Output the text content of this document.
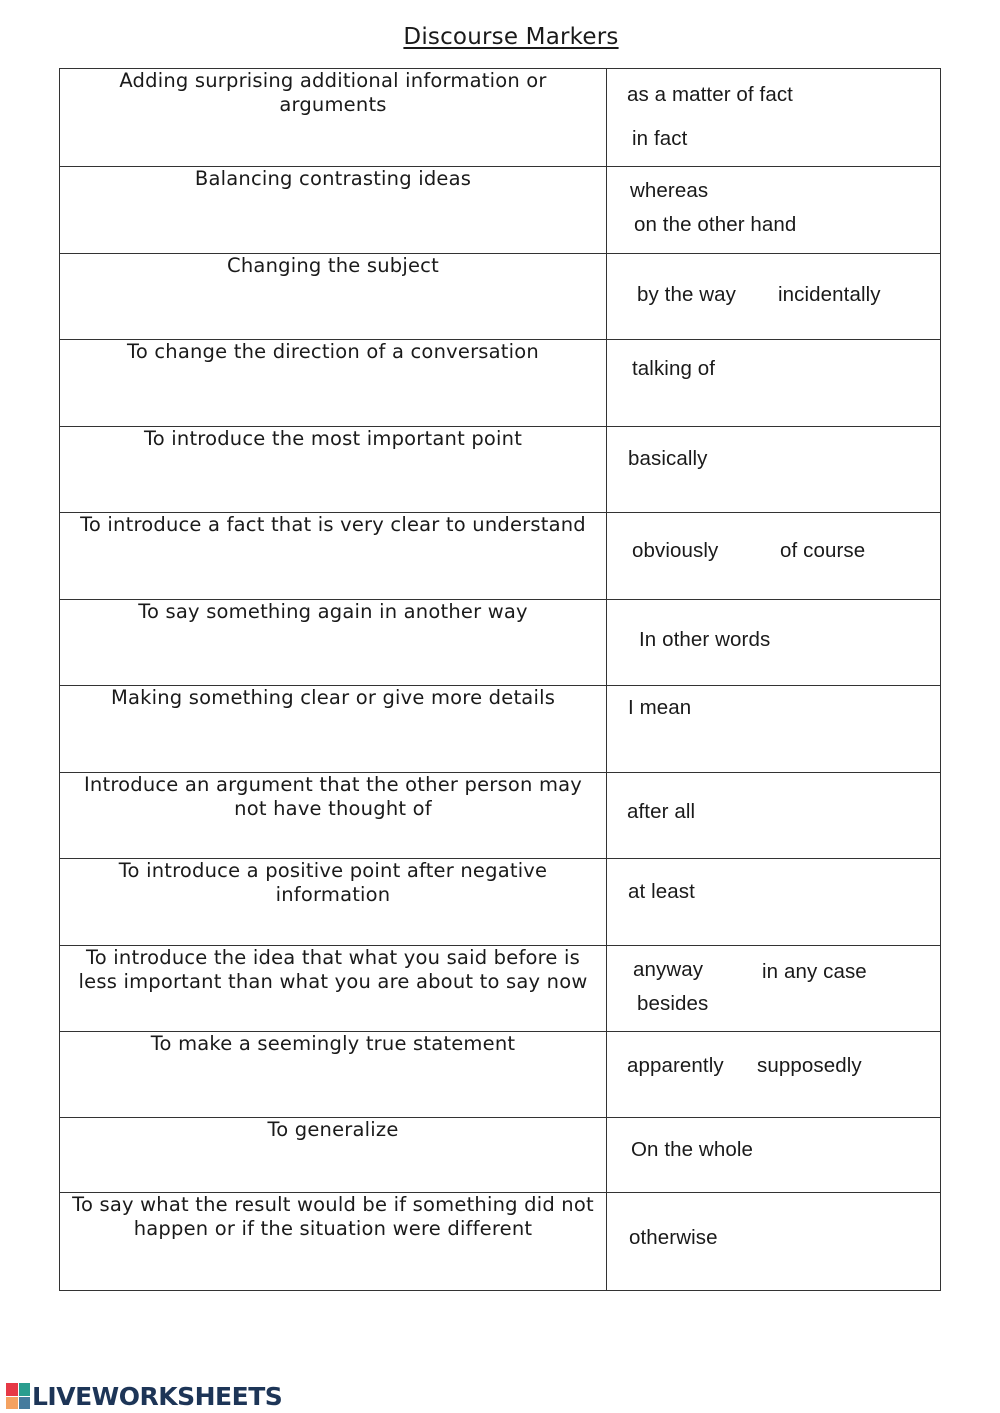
Discourse Markers
Adding surprising additional information or arguments	as a matter of fact
in fact

Balancing contrasting ideas	whereas
on the other hand

Changing the subject	by the way incidentally

To change the direction of a conversation	talking of

To introduce the most important point	basically

To introduce a fact that is very clear to understand	obviously of course

To say something again in another way	In other words

Making something clear or give more details	I mean

Introduce an argument that the other person may not have thought of	after all

To introduce a positive point after negative information	at least

To introduce the idea that what you said before is less important than what you are about to say now	anyway in any case
besides

To make a seemingly true statement	apparently supposedly

To generalize	On the whole

To say what the result would be if something did not happen or if the situation were different	otherwise
LIVEWORKSHEETS
